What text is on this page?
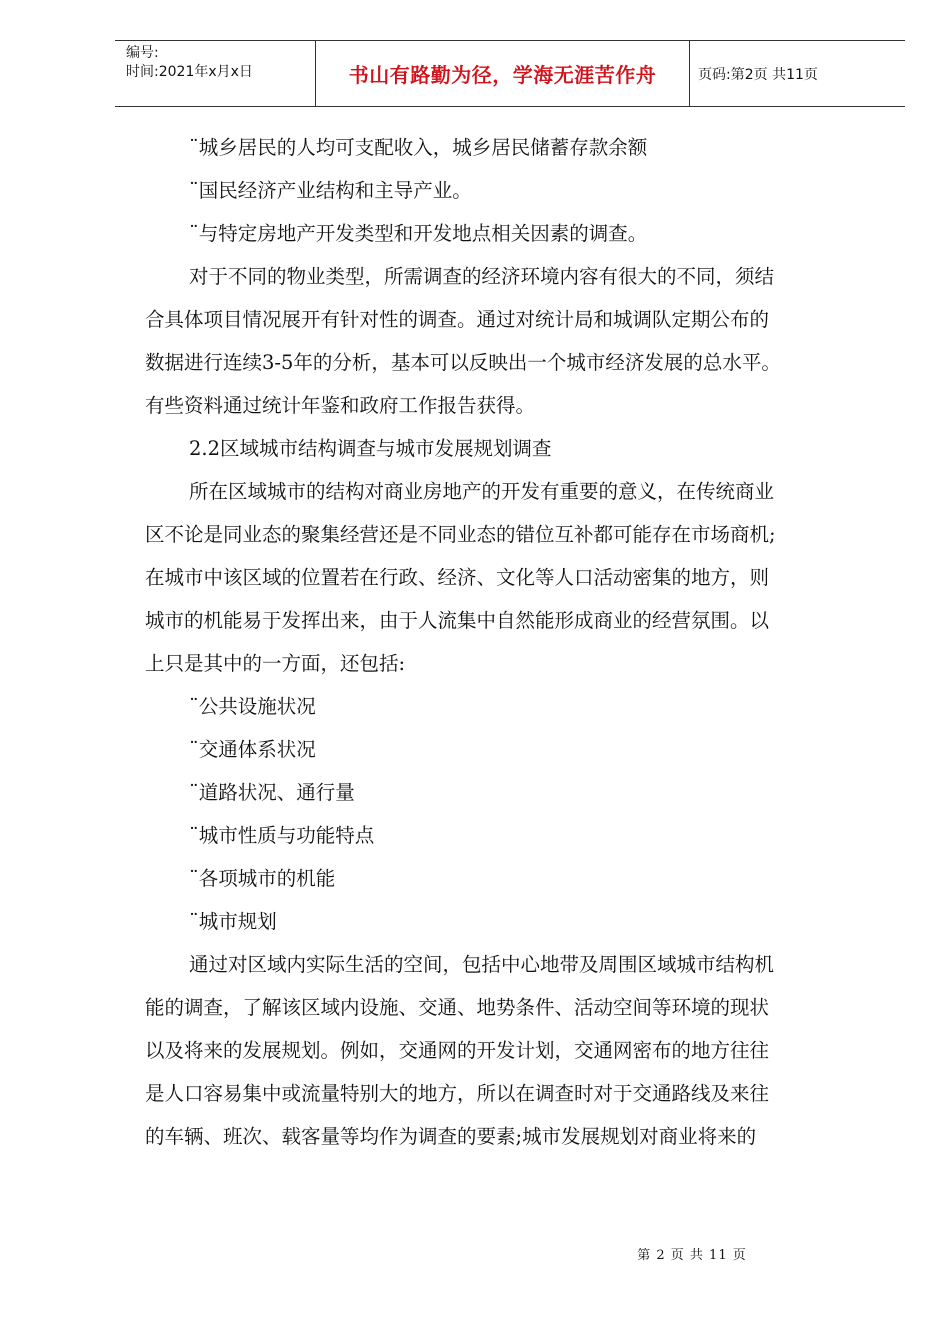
编号:
时间:2021年x月x日	书山有路勤为径，学海无涯苦作舟	页码:第2页 共11页

¨城乡居民的人均可支配收入，城乡居民储蓄存款余额

¨国民经济产业结构和主导产业。

¨与特定房地产开发类型和开发地点相关因素的调查。

对于不同的物业类型，所需调查的经济环境内容有很大的不同，须结

合具体项目情况展开有针对性的调查。通过对统计局和城调队定期公布的

数据进行连续3-5年的分析，基本可以反映出一个城市经济发展的总水平。

有些资料通过统计年鉴和政府工作报告获得。

2.2区域城市结构调查与城市发展规划调查

所在区域城市的结构对商业房地产的开发有重要的意义，在传统商业

区不论是同业态的聚集经营还是不同业态的错位互补都可能存在市场商机;

在城市中该区域的位置若在行政、经济、文化等人口活动密集的地方，则

城市的机能易于发挥出来，由于人流集中自然能形成商业的经营氛围。以

上只是其中的一方面，还包括:

¨公共设施状况

¨交通体系状况

¨道路状况、通行量

¨城市性质与功能特点

¨各项城市的机能

¨城市规划

通过对区域内实际生活的空间，包括中心地带及周围区域城市结构机

能的调查，了解该区域内设施、交通、地势条件、活动空间等环境的现状

以及将来的发展规划。例如，交通网的开发计划，交通网密布的地方往往

是人口容易集中或流量特别大的地方，所以在调查时对于交通路线及来往

的车辆、班次、载客量等均作为调查的要素;城市发展规划对商业将来的

第 2 页 共 11 页
